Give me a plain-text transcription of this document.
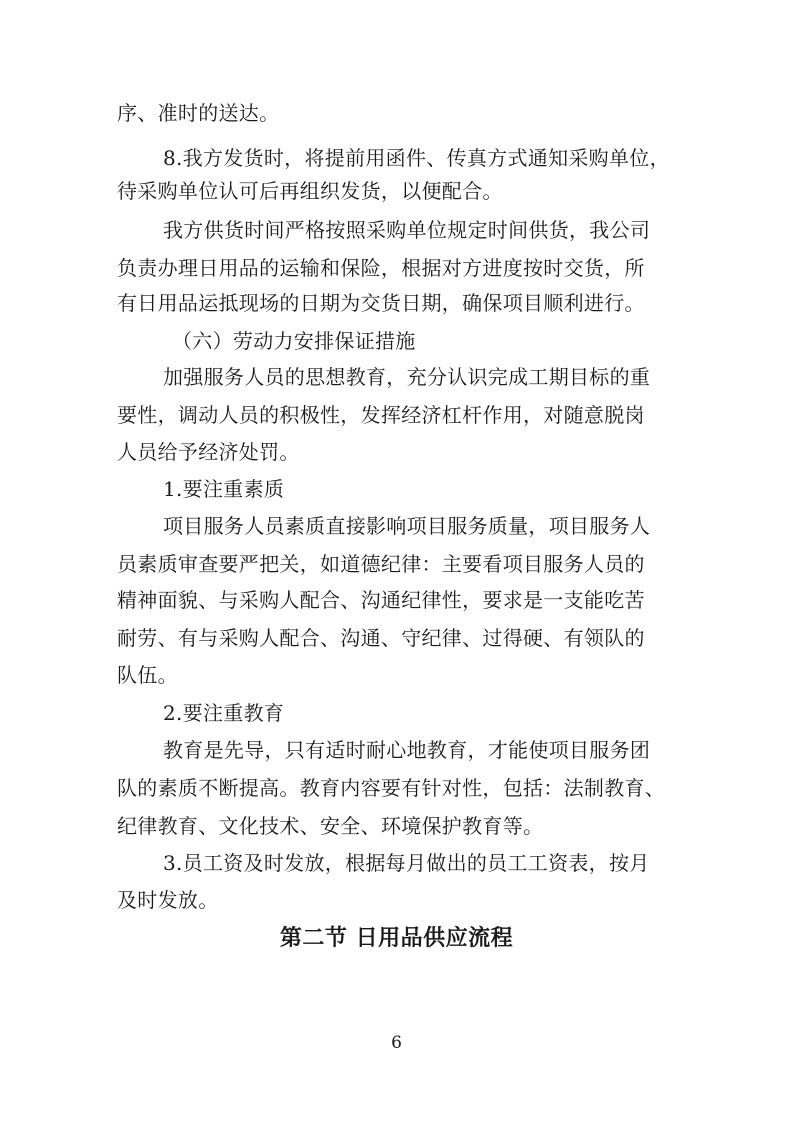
序、准时的送达。
8.我方发货时，将提前用函件、传真方式通知采购单位，
待采购单位认可后再组织发货，以便配合。
我方供货时间严格按照采购单位规定时间供货，我公司
负责办理日用品的运输和保险，根据对方进度按时交货，所
有日用品运抵现场的日期为交货日期，确保项目顺利进行。
（六）劳动力安排保证措施
加强服务人员的思想教育，充分认识完成工期目标的重
要性，调动人员的积极性，发挥经济杠杆作用，对随意脱岗
人员给予经济处罚。
1.要注重素质
项目服务人员素质直接影响项目服务质量，项目服务人
员素质审查要严把关，如道德纪律：主要看项目服务人员的
精神面貌、与采购人配合、沟通纪律性，要求是一支能吃苦
耐劳、有与采购人配合、沟通、守纪律、过得硬、有领队的
队伍。
2.要注重教育
教育是先导，只有适时耐心地教育，才能使项目服务团
队的素质不断提高。教育内容要有针对性，包括：法制教育、
纪律教育、文化技术、安全、环境保护教育等。
3.员工资及时发放，根据每月做出的员工工资表，按月
及时发放。
第二节 日用品供应流程
6
